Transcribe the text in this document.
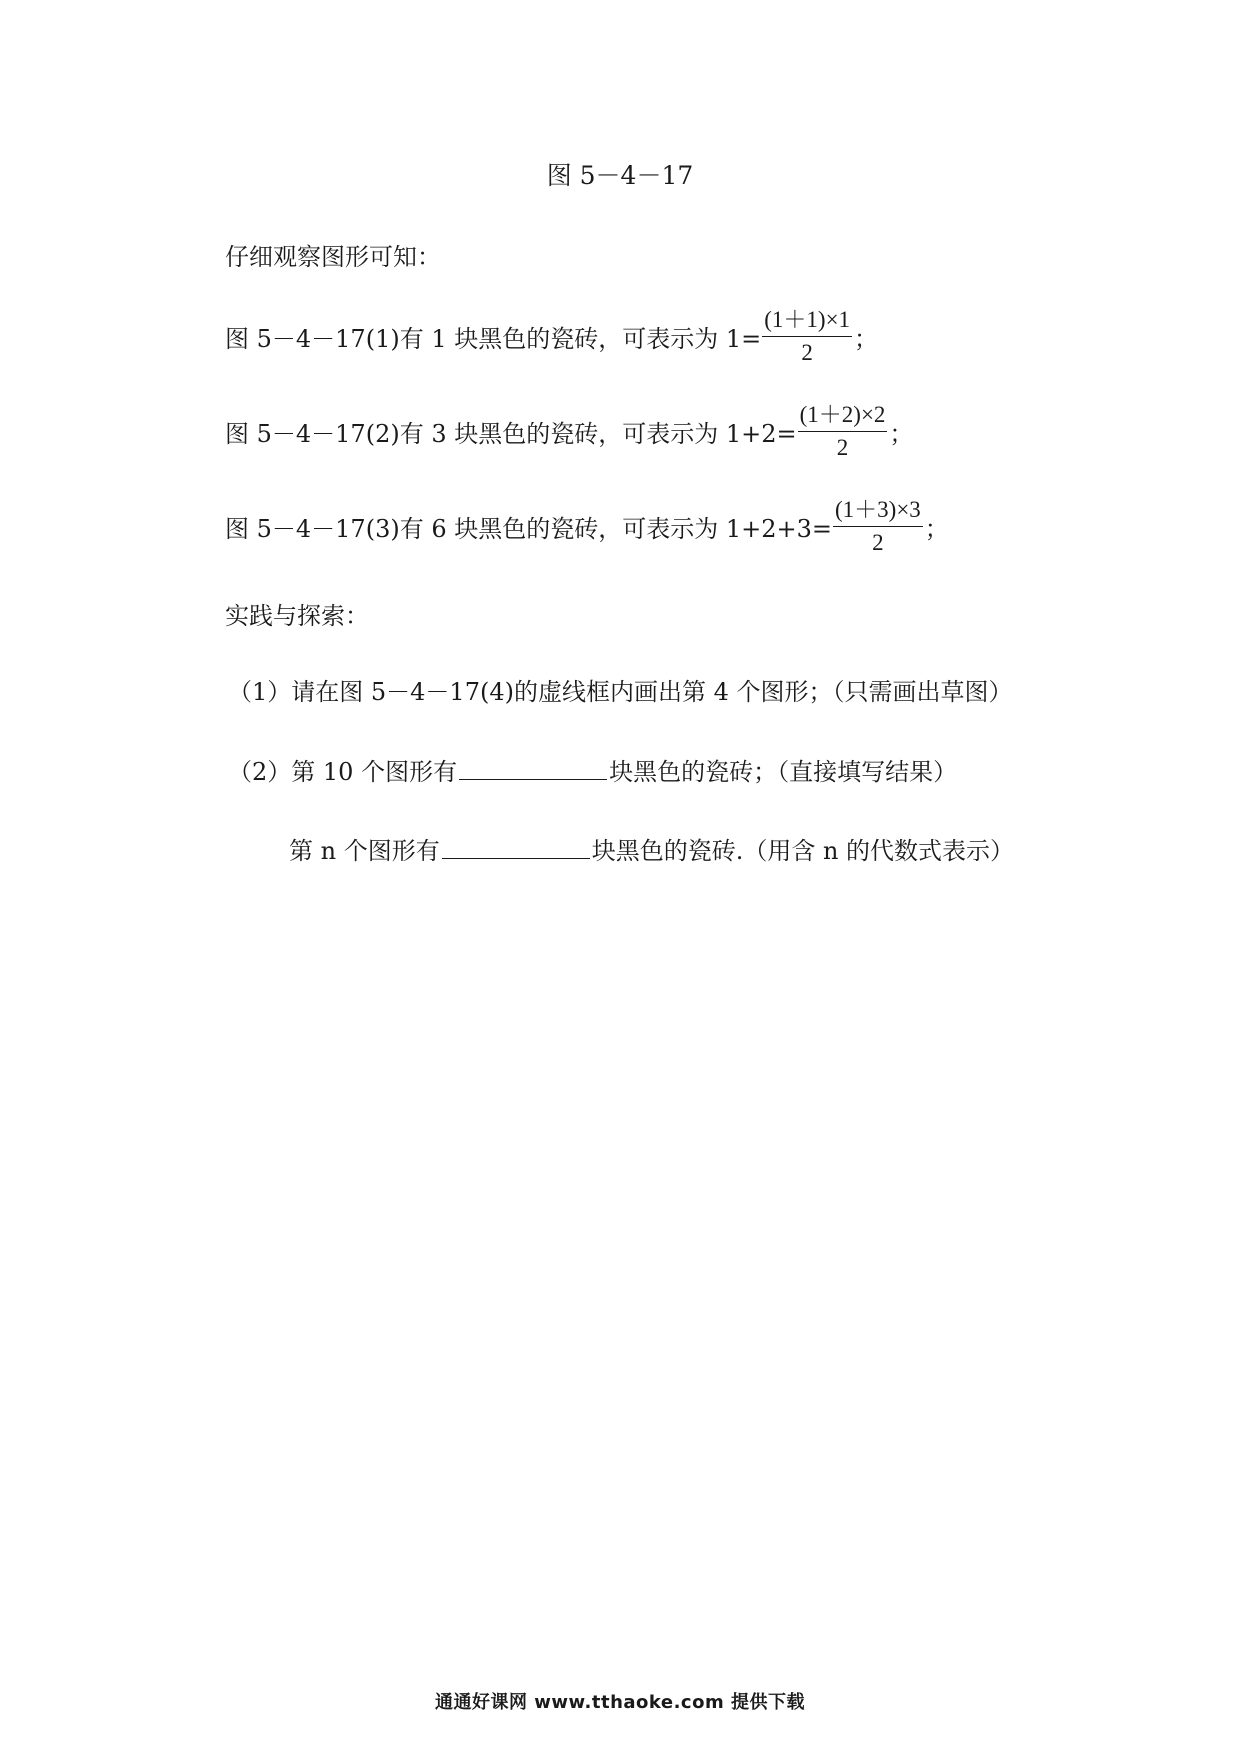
图 5－4－17
仔细观察图形可知：
图 5－4－17(1)有 1 块黑色的瓷砖，可表示为 $1= \frac{(1+1)\times 1}{2}$ ；
图 5－4－17(2)有 3 块黑色的瓷砖，可表示为 $1+2= \frac{(1+2)\times 2}{2}$ ；
图 5－4－17(3)有 6 块黑色的瓷砖，可表示为 $1+2+3= \frac{(1+3)\times 3}{2}$ ；
实践与探索：
（1）请在图 5－4－17(4)的虚线框内画出第 4 个图形；（只需画出草图）
（2）第 10 个图形有	块黑色的瓷砖；（直接填写结果）
第 n 个图形有	块黑色的瓷砖.（用含 n 的代数式表示）
通通好课网 www.tthaoke.com 提供下载
